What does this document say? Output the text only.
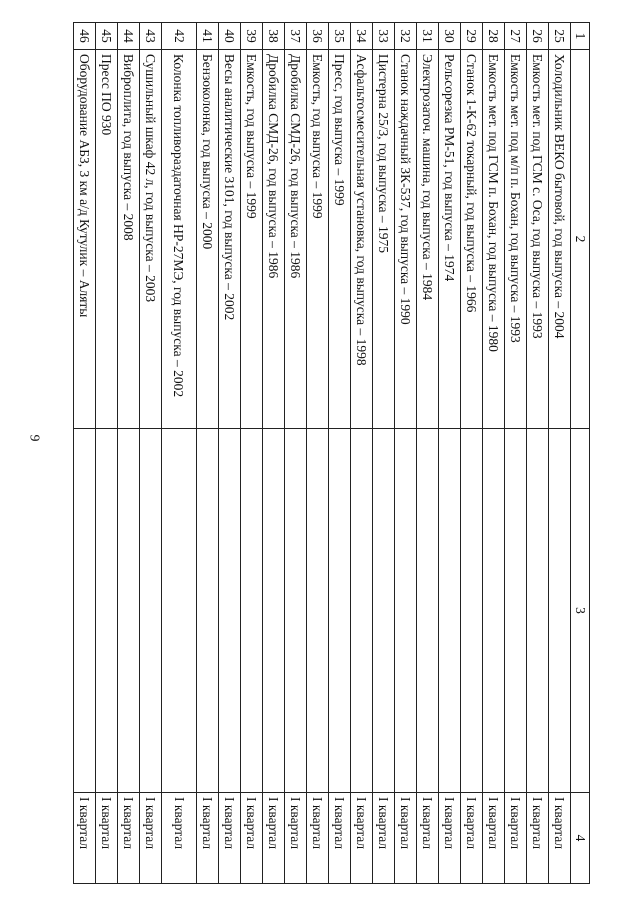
9
1	2	3	4
25	Холодильник ВЕКО бытовой, год выпуска – 2004		I квартал
26	Емкость мет. под ГСМ с. Оса, год выпуска – 1993		I квартал
27	Емкость мет. под м/п п. Бохан, год выпуска – 1993		I квартал
28	Емкость мет. под ГСМ п. Бохан, год выпуска – 1980		I квартал
29	Станок 1-К-62 токарный, год выпуска – 1966		I квартал
30	Рельсорезка РМ-51, год выпуска – 1974		I квартал
31	Электрозаточ. машина, год выпуска – 1984		I квартал
32	Станок наждачный ЗК-537, год выпуска – 1990		I квартал
33	Цистерна 25/3, год выпуска – 1975		I квартал
34	Асфальтосмесительная установка, год выпуска – 1998		I квартал
35	Пресс, год выпуска – 1999		I квартал
36	Емкость, год выпуска – 1999		I квартал
37	Дробилка СМД-26, год выпуска – 1986		I квартал
38	Дробилка СМД-26, год выпуска – 1986		I квартал
39	Емкость, год выпуска – 1999		I квартал
40	Весы аналитические 3101, год выпуска – 2002		I квартал
41	Бензоколонка, год выпуска – 2000		I квартал
42	Колонка топливораздаточная НР-27МЭ, год выпуска – 2002		I квартал
43	Сушильный шкаф 42 л, год выпуска – 2003		I квартал
44	Виброплита, год выпуска – 2008		I квартал
45	Пресс ПО 930		I квартал
46	Оборудование АБЗ, 3 км а/д Кутулик – Аляты		I квартал
